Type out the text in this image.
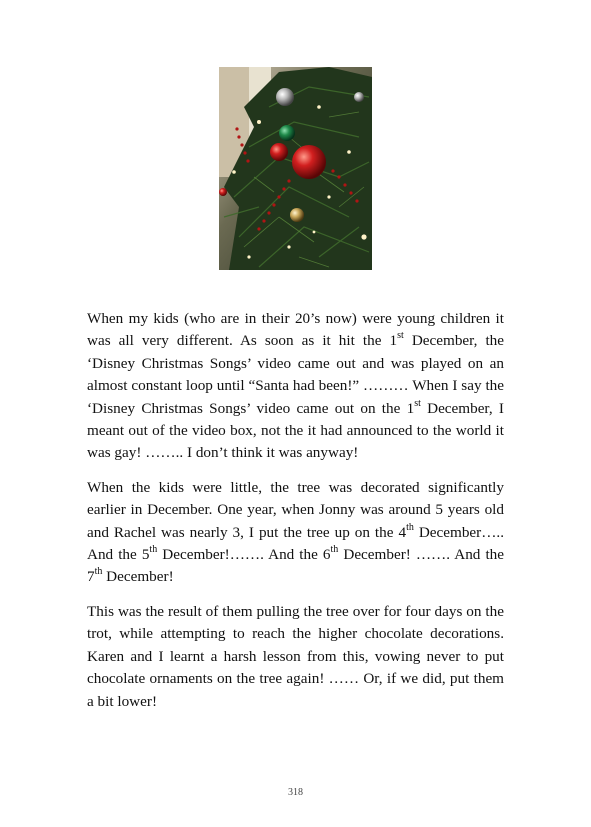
When my kids (who are in their 20’s now) were young children it was all very different. As soon as it hit the 1st December, the ‘Disney Christmas Songs’ video came out and was played on an almost constant loop until “Santa had been!” ……… When I say the ‘Disney Christmas Songs’ video came out on the 1st December, I meant out of the video box, not the it had announced to the world it was gay! …….. I don’t think it was anyway!

When the kids were little, the tree was decorated significantly earlier in December. One year, when Jonny was around 5 years old and Rachel was nearly 3, I put the tree up on the 4th December….. And the 5th December!……. And the 6th December! ……. And the 7th December!

This was the result of them pulling the tree over for four days on the trot, while attempting to reach the higher chocolate decorations. Karen and I learnt a harsh lesson from this, vowing never to put chocolate ornaments on the tree again! …… Or, if we did, put them a bit lower!

318
